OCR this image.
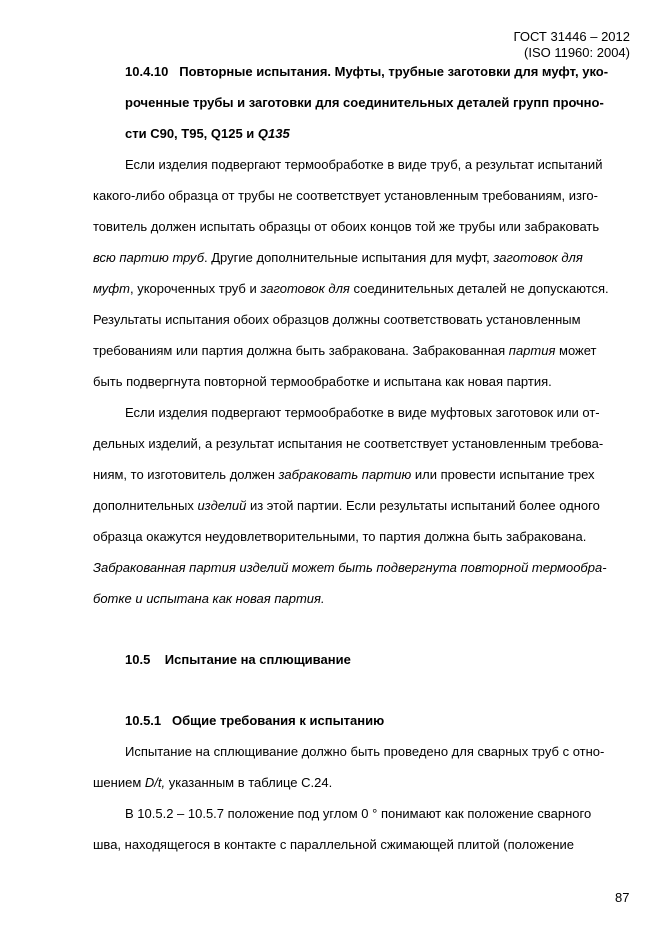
ГОСТ 31446 – 2012
(ISO 11960: 2004)
10.4.10 Повторные испытания. Муфты, трубные заготовки для муфт, уко-
роченные трубы и заготовки для соединительных деталей групп прочно-
сти С90, Т95, Q125 и Q135
Если изделия подвергают термообработке в виде труб, а результат испытаний
какого-либо образца от трубы не соответствует установленным требованиям, изго-
товитель должен испытать образцы от обоих концов той же трубы или забраковать
всю партию труб. Другие дополнительные испытания для муфт, заготовок для
муфт, укороченных труб и заготовок для соединительных деталей не допускаются.
Результаты испытания обоих образцов должны соответствовать установленным
требованиям или партия должна быть забракована. Забракованная партия может
быть подвергнута повторной термообработке и испытана как новая партия.
Если изделия подвергают термообработке в виде муфтовых заготовок или от-
дельных изделий, а результат испытания не соответствует установленным требова-
ниям, то изготовитель должен забраковать партию или провести испытание трех
дополнительных изделий из этой партии. Если результаты испытаний более одного
образца окажутся неудовлетворительными, то партия должна быть забракована.
Забракованная партия изделий может быть подвергнута повторной термообра-
ботке и испытана как новая партия.
10.5 Испытание на сплющивание
10.5.1 Общие требования к испытанию
Испытание на сплющивание должно быть проведено для сварных труб с отно-
шением D/t, указанным в таблице С.24.
В 10.5.2 – 10.5.7 положение под углом 0 ° понимают как положение сварного
шва, находящегося в контакте с параллельной сжимающей плитой (положение
87
